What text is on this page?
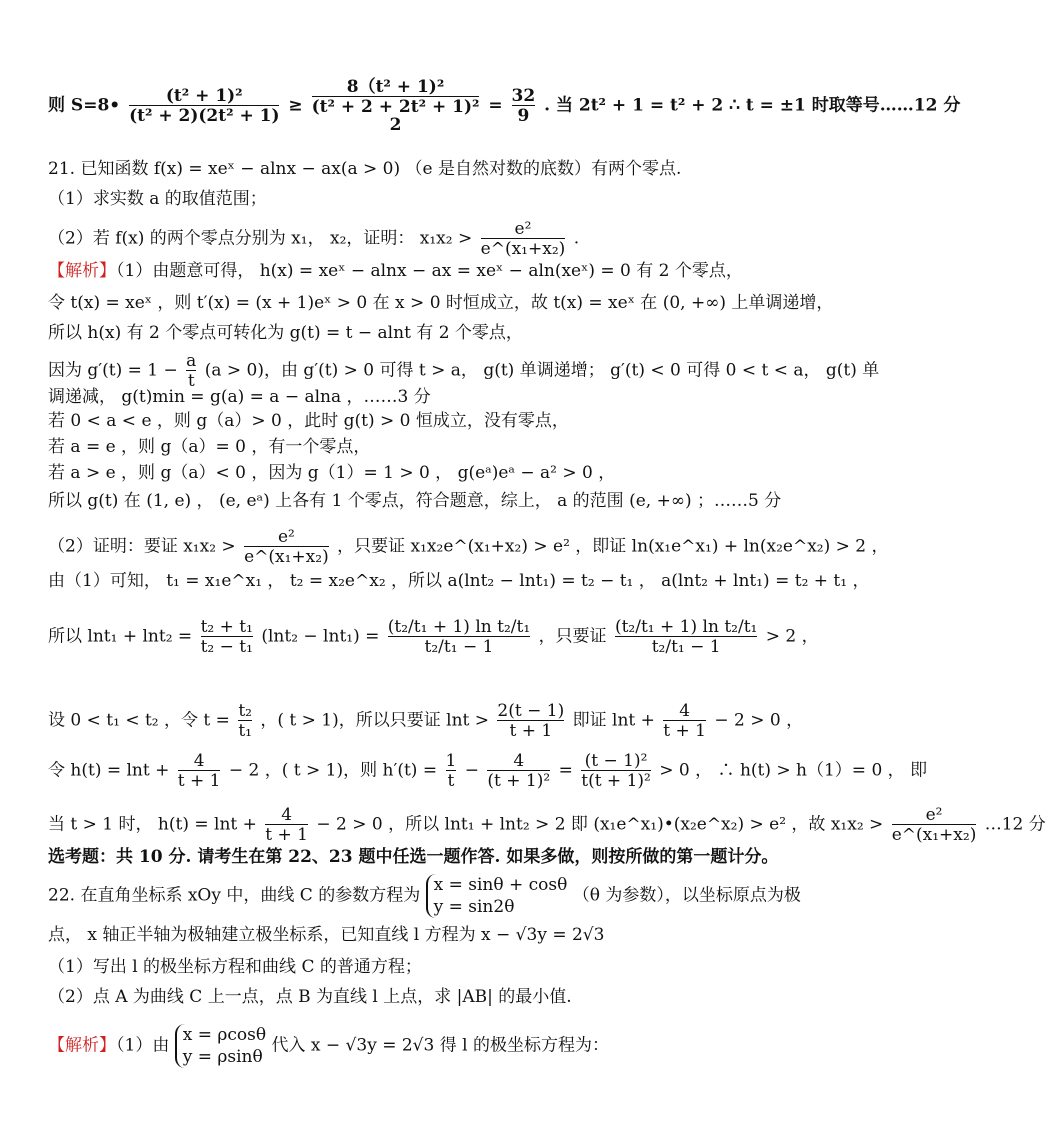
则 S=8• $\frac{\text{(t² + 1)²}}{\text{(t² + 2)(2t² + 1)}}$ ≥
8（t² + 1)²
(t² + 2 + 2t² + 1)²
2
= $\frac{32}{9}$ . 当 2t² + 1 = t² + 2 ∴ t = ±1 时取等号……12 分
21. 已知函数 f(x) = xeˣ − alnx − ax(a > 0) （e 是自然对数的底数）有两个零点.
（1）求实数 a 的取值范围；
（2）若 f(x) 的两个零点分别为 x₁， x₂，证明： $x_1x_2 > \frac{\text{e²}}{\text{e\textasciicircum{}(x₁+x₂)}}$ .
【解析】（1）由题意可得， h(x) = xeˣ − alnx − ax = xeˣ − aln(xeˣ) = 0 有 2 个零点，
令 t(x) = xeˣ ，则 t′(x) = (x + 1)eˣ > 0 在 x > 0 时恒成立，故 t(x) = xeˣ 在 (0, +∞) 上单调递增，
所以 h(x) 有 2 个零点可转化为 g(t) = t − alnt 有 2 个零点，
因为 $g'(t) = 1 - \frac{a}{t} (a > 0)$，由 g′(t) > 0 可得 t > a， g(t) 单调递增； g′(t) < 0 可得 0 < t < a， g(t) 单
调递减， g(t)min = g(a) = a − alna ，……3 分
若 0 < a < e ，则 g（a）> 0 ，此时 g(t) > 0 恒成立，没有零点，
若 a = e ，则 g（a）= 0 ，有一个零点，
若 a > e ，则 g（a）< 0 ，因为 g（1）= 1 > 0 ， g(eᵃ)eᵃ − a² > 0 ，
所以 g(t) 在 (1, e) ， (e, eᵃ) 上各有 1 个零点，符合题意，综上， a 的范围 (e, +∞) ；……5 分
（2）证明：要证 $x_1x_2 > \frac{\text{e²}}{\text{e\textasciicircum{}(x₁+x₂)}}$ ，只要证 x₁x₂e^(x₁+x₂) > e² ，即证 ln(x₁e^x₁) + ln(x₂e^x₂) > 2 ，
由（1）可知， t₁ = x₁e^x₁ ， t₂ = x₂e^x₂ ，所以 a(lnt₂ − lnt₁) = t₂ − t₁ ， a(lnt₂ + lnt₁) = t₂ + t₁ ，
所以 $\ln t_1 + \ln t_2 = \frac{\text{t₂ + t₁}}{\text{t₂ − t₁}} (\ln t_2 - \ln t_1) = \frac{\text{(t₂/t₁ + 1) ln t₂/t₁}}{\text{t₂/t₁ − 1}}$ ，只要证 $\frac{\text{(t₂/t₁ + 1) ln t₂/t₁}}{\text{t₂/t₁ − 1}} > 2$ ，
设 0 < t₁ < t₂ ，令 $t = \frac{\text{t₂}}{\text{t₁}}$ ，( t > 1)，所以只要证 $\ln t > \frac{2(t - 1)}{t + 1}$ 即证 $\ln t + \frac{4}{t + 1} - 2 > 0$ ，
令 $h(t) = \ln t + \frac{4}{t + 1} - 2$ ，( t > 1)，则 $h'(t) = \frac{1}{t} - \frac{4}{\text{(t + 1)²}} = \frac{\text{(t − 1)²}}{\text{t(t + 1)²}} > 0$ ， ∴ h(t) > h（1）= 0 ， 即
当 t > 1 时， $h(t) = \ln t + \frac{4}{t + 1} - 2 > 0$ ，所以 lnt₁ + lnt₂ > 2 即 (x₁e^x₁)•(x₂e^x₂) > e² ，故 $x_1x_2 > \frac{\text{e²}}{\text{e\textasciicircum{}(x₁+x₂)}}$ …12 分
选考题：共 10 分. 请考生在第 22、23 题中任选一题作答. 如果多做，则按所做的第一题计分。
22. 在直角坐标系 xOy 中，曲线 C 的参数方程为 x = sinθ + cosθ
y = sin2θ （θ 为参数），以坐标原点为极
点， x 轴正半轴为极轴建立极坐标系，已知直线 l 方程为 x − √3y = 2√3
（1）写出 l 的极坐标方程和曲线 C 的普通方程；
（2）点 A 为曲线 C 上一点，点 B 为直线 l 上点，求 |AB| 的最小值.
【解析】（1）由 x = ρcosθ
y = ρsinθ 代入 x − √3y = 2√3 得 l 的极坐标方程为：
